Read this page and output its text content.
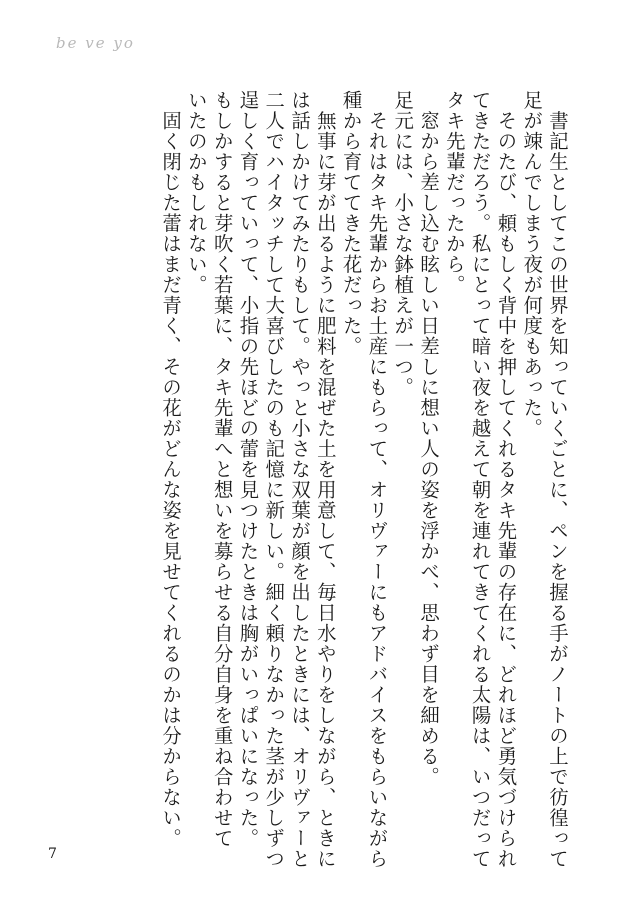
be ve yo
　書記生としてこの世界を知っていくごとに、ペンを握る手がノートの上で彷徨って
足が竦んでしまう夜が何度もあった。
　そのたび、頼もしく背中を押してくれるタキ先輩の存在に、どれほど勇気づけられ
てきただろう。私にとって暗い夜を越えて朝を連れてきてくれる太陽は、いつだって
タキ先輩だったから。
　窓から差し込む眩しい日差しに想い人の姿を浮かべ、思わず目を細める。
足元には、小さな鉢植えが一つ。
　それはタキ先輩からお土産にもらって、オリヴァーにもアドバイスをもらいながら
種から育ててきた花だった。
　無事に芽が出るように肥料を混ぜた土を用意して、毎日水やりをしながら、ときに
は話しかけてみたりもして。やっと小さな双葉が顔を出したときには、オリヴァーと
二人でハイタッチして大喜びしたのも記憶に新しい。細く頼りなかった茎が少しずつ
逞しく育っていって、小指の先ほどの蕾を見つけたときは胸がいっぱいになった。
もしかすると芽吹く若葉に、タキ先輩へと想いを募らせる自分自身を重ね合わせて
いたのかもしれない。
　固く閉じた蕾はまだ青く、その花がどんな姿を見せてくれるのかは分からない。
7
